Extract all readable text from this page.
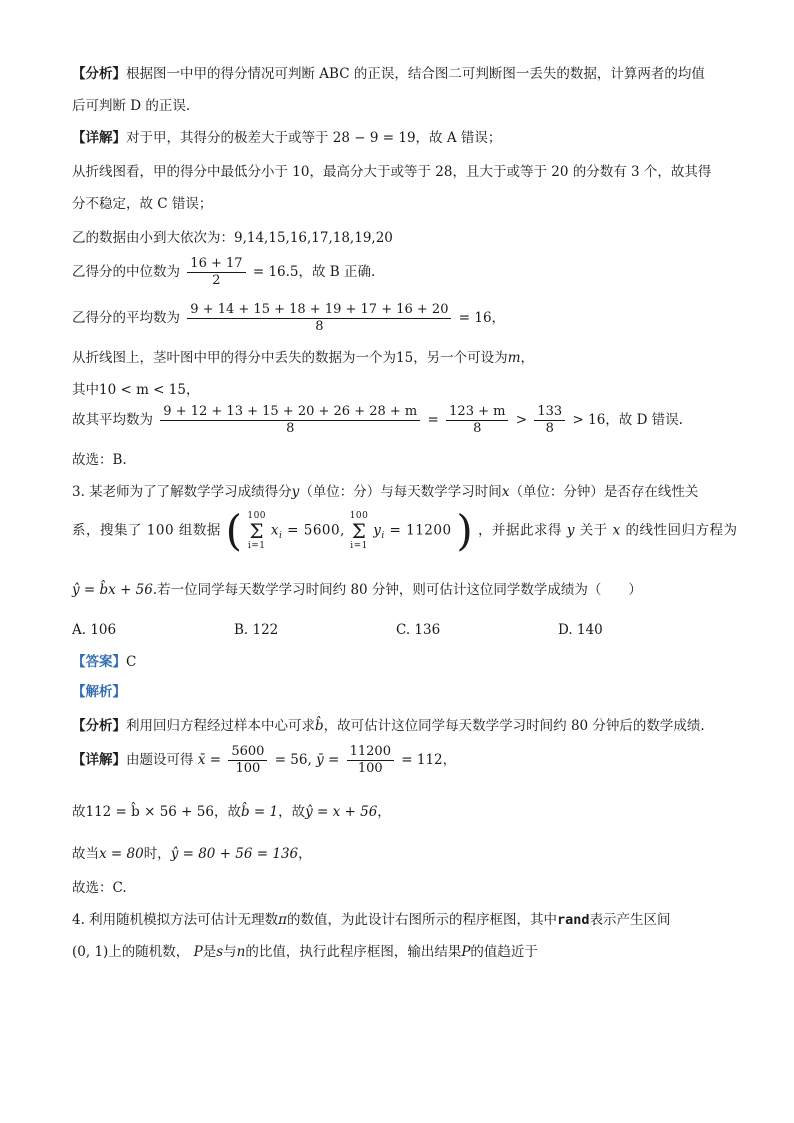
【分析】根据图一中甲的得分情况可判断 ABC 的正误，结合图二可判断图一丢失的数据，计算两者的均值
后可判断 D 的正误.
【详解】对于甲，其得分的极差大于或等于 28 − 9 = 19，故 A 错误；
从折线图看，甲的得分中最低分小于 10，最高分大于或等于 28，且大于或等于 20 的分数有 3 个，故其得
分不稳定，故 C 错误；
乙的数据由小到大依次为：9,14,15,16,17,18,19,20
乙得分的中位数为 $\frac{16 + 17}{2} = 16.5$，故 B 正确.
乙得分的平均数为 $\frac{9 + 14 + 15 + 18 + 19 + 17 + 16 + 20}{8} = 16$，
从折线图上，茎叶图中甲的得分中丢失的数据为一个为15，另一个可设为m，
其中10 < m < 15，
故其平均数为 $\frac{9 + 12 + 13 + 15 + 20 + 26 + 28 + m}{8} = \frac{123 + m}{8} > \frac{133}{8} > 16$，故 D 错误.
故选：B.
3. 某老师为了了解数学学习成绩得分y（单位：分）与每天数学学习时间x（单位：分钟）是否存在线性关
系，搜集了 100 组数据 ( 100
Σ
i=1
$x_i = 5600$,
100
Σ
i=1
$y_i = 11200$ ) ，并据此求得 y 关于 x 的线性回归方程为
ŷ = b̂x + 56.若一位同学每天数学学习时间约 80 分钟，则可估计这位同学数学成绩为（　　）
A. 106	B. 122	C. 136	D. 140
【答案】C
【解析】
【分析】利用回归方程经过样本中心可求b̂，故可估计这位同学每天数学学习时间约 80 分钟后的数学成绩.
【详解】由题设可得 x̄ = $\frac{5600}{100} = 56$, ȳ = $\frac{11200}{100} = 112$，
故112 = b̂ × 56 + 56，故b̂ = 1，故ŷ = x + 56，
故当x = 80时，ŷ = 80 + 56 = 136，
故选：C.
4. 利用随机模拟方法可估计无理数π的数值，为此设计右图所示的程序框图，其中rand表示产生区间
(0, 1)上的随机数， P是s与n的比值，执行此程序框图，输出结果P的值趋近于
